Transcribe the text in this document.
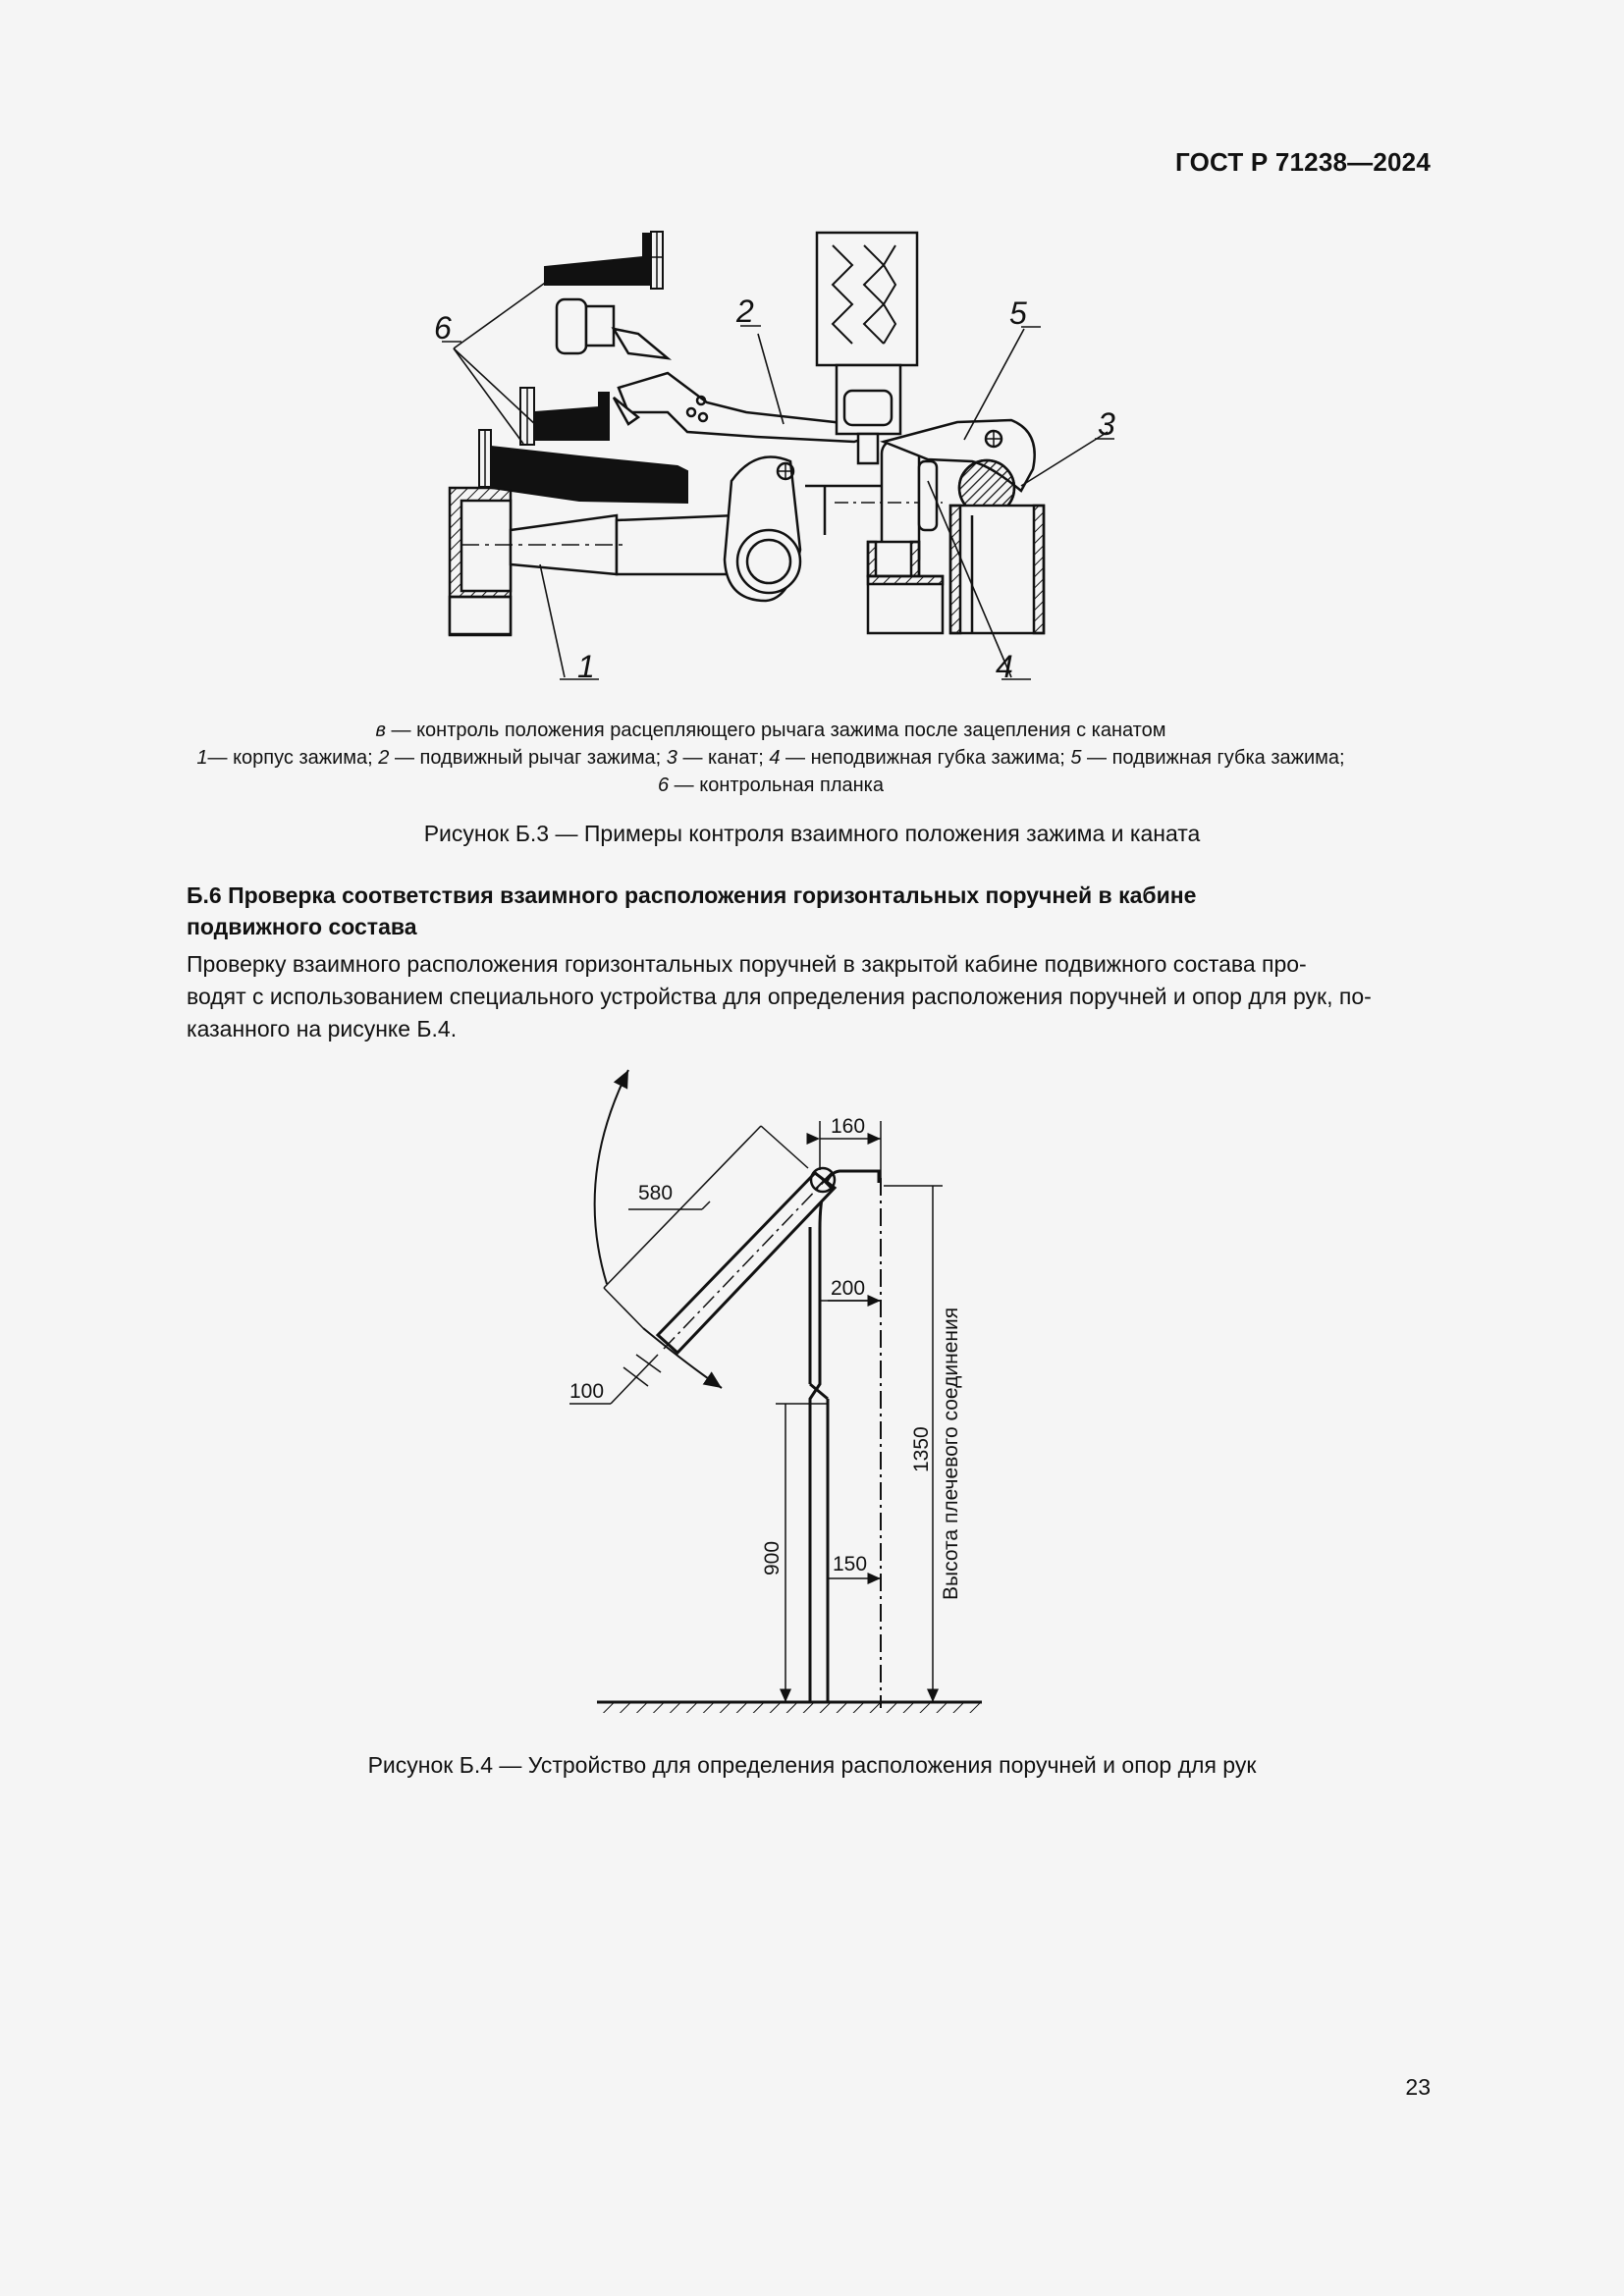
ГОСТ Р 71238—2024
1
2
3
4
5
6
в — контроль положения расцепляющего рычага зажима после зацепления с канатом
1— корпус зажима; 2 — подвижный рычаг зажима; 3 — канат; 4 — неподвижная губка зажима; 5 — подвижная губка зажима;
6 — контрольная планка
Рисунок Б.3 — Примеры контроля взаимного положения зажима и каната
Б.6 Проверка соответствия взаимного расположения горизонтальных поручней в кабине
подвижного состава
Проверку взаимного расположения горизонтальных поручней в закрытой кабине подвижного состава про-
водят с использованием специального устройства для определения расположения поручней и опор для рук, по-
казанного на рисунке Б.4.
160
580
200
100
150
1350
900	Высота плечевого соединения
Рисунок Б.4 — Устройство для определения расположения поручней и опор для рук
23
